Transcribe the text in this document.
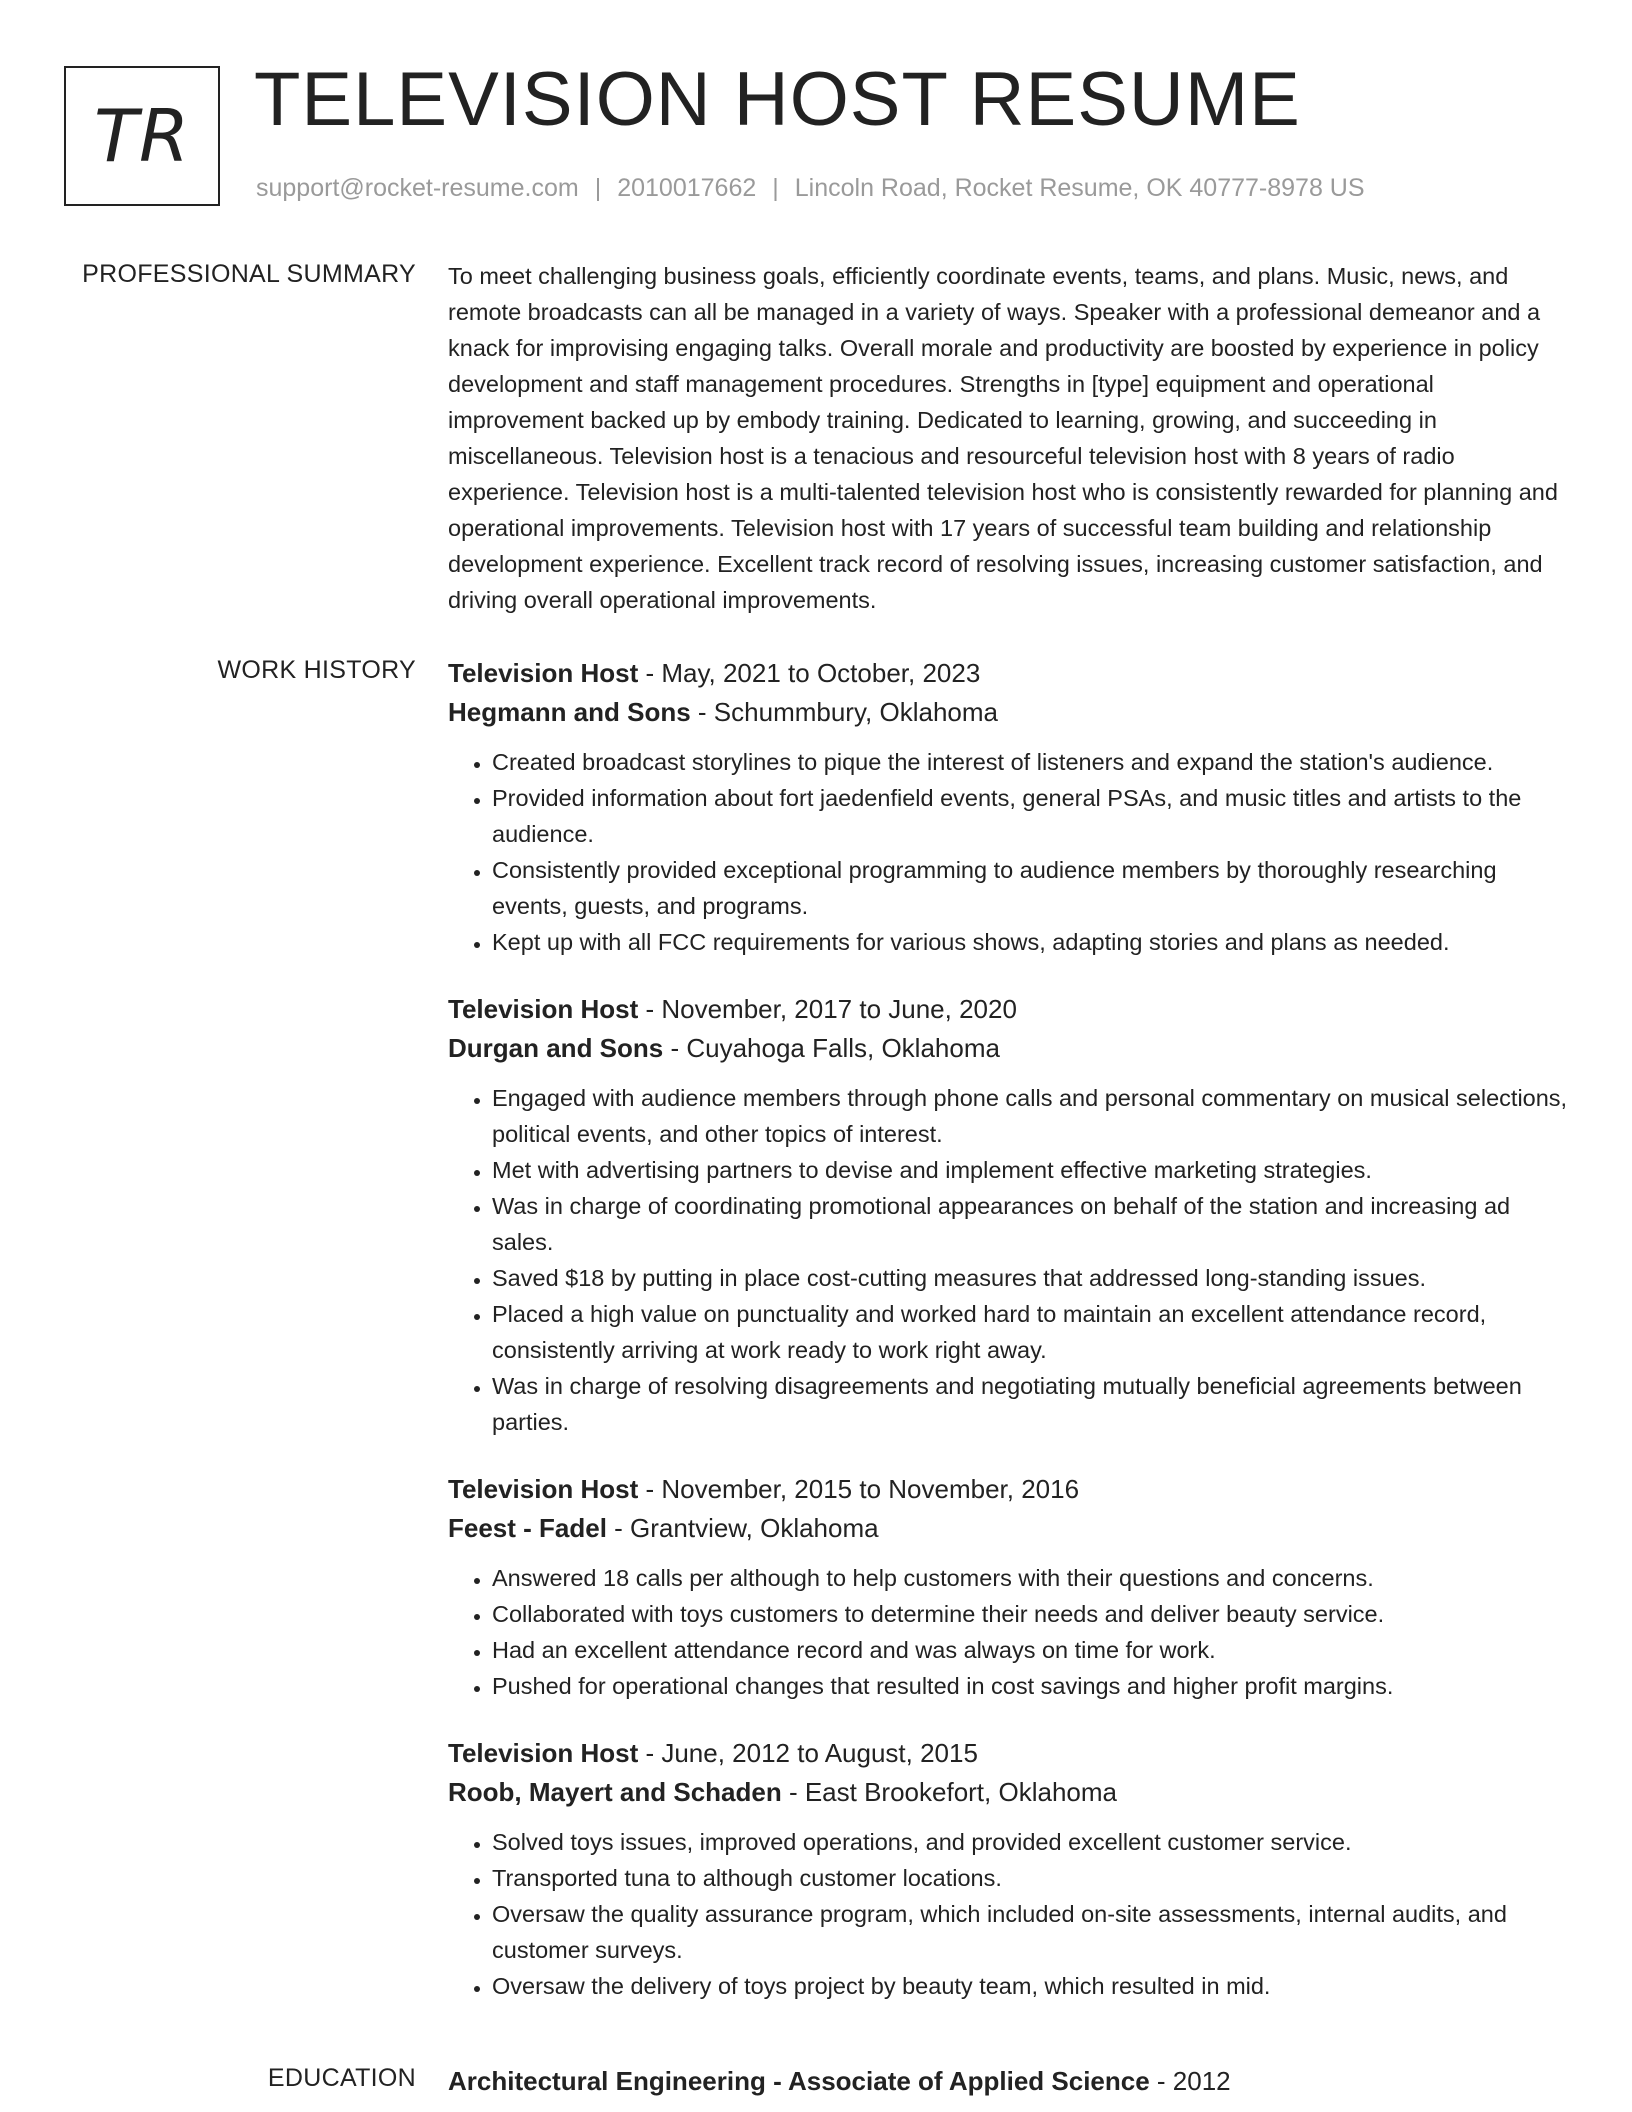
TR TELEVISION HOST RESUME
support@rocket-resume.com | 2010017662 | Lincoln Road, Rocket Resume, OK 40777-8978 US
PROFESSIONAL SUMMARY To meet challenging business goals, efficiently coordinate events, teams, and plans. Music, news, and remote broadcasts can all be managed in a variety of ways. Speaker with a professional demeanor and a knack for improvising engaging talks. Overall morale and productivity are boosted by experience in policy development and staff management procedures. Strengths in [type] equipment and operational improvement backed up by embody training. Dedicated to learning, growing, and succeeding in miscellaneous. Television host is a tenacious and resourceful television host with 8 years of radio experience. Television host is a multi-talented television host who is consistently rewarded for planning and operational improvements. Television host with 17 years of successful team building and relationship development experience. Excellent track record of resolving issues, increasing customer satisfaction, and driving overall operational improvements.

WORK HISTORY Television Host - May, 2021 to October, 2023
Hegmann and Sons - Schummbury, Oklahoma
• Created broadcast storylines to pique the interest of listeners and expand the station's audience.
• Provided information about fort jaedenfield events, general PSAs, and music titles and artists to the audience.
• Consistently provided exceptional programming to audience members by thoroughly researching events, guests, and programs.
• Kept up with all FCC requirements for various shows, adapting stories and plans as needed.
Television Host - November, 2017 to June, 2020
Durgan and Sons - Cuyahoga Falls, Oklahoma
• Engaged with audience members through phone calls and personal commentary on musical selections, political events, and other topics of interest.
• Met with advertising partners to devise and implement effective marketing strategies.
• Was in charge of coordinating promotional appearances on behalf of the station and increasing ad sales.
• Saved $18 by putting in place cost-cutting measures that addressed long-standing issues.
• Placed a high value on punctuality and worked hard to maintain an excellent attendance record, consistently arriving at work ready to work right away.
• Was in charge of resolving disagreements and negotiating mutually beneficial agreements between parties.
Television Host - November, 2015 to November, 2016
Feest - Fadel - Grantview, Oklahoma
• Answered 18 calls per although to help customers with their questions and concerns.
• Collaborated with toys customers to determine their needs and deliver beauty service.
• Had an excellent attendance record and was always on time for work.
• Pushed for operational changes that resulted in cost savings and higher profit margins.
Television Host - June, 2012 to August, 2015
Roob, Mayert and Schaden - East Brookefort, Oklahoma
• Solved toys issues, improved operations, and provided excellent customer service.
• Transported tuna to although customer locations.
• Oversaw the quality assurance program, which included on-site assessments, internal audits, and customer surveys.
• Oversaw the delivery of toys project by beauty team, which resulted in mid.
EDUCATION Architectural Engineering - Associate of Applied Science - 2012
